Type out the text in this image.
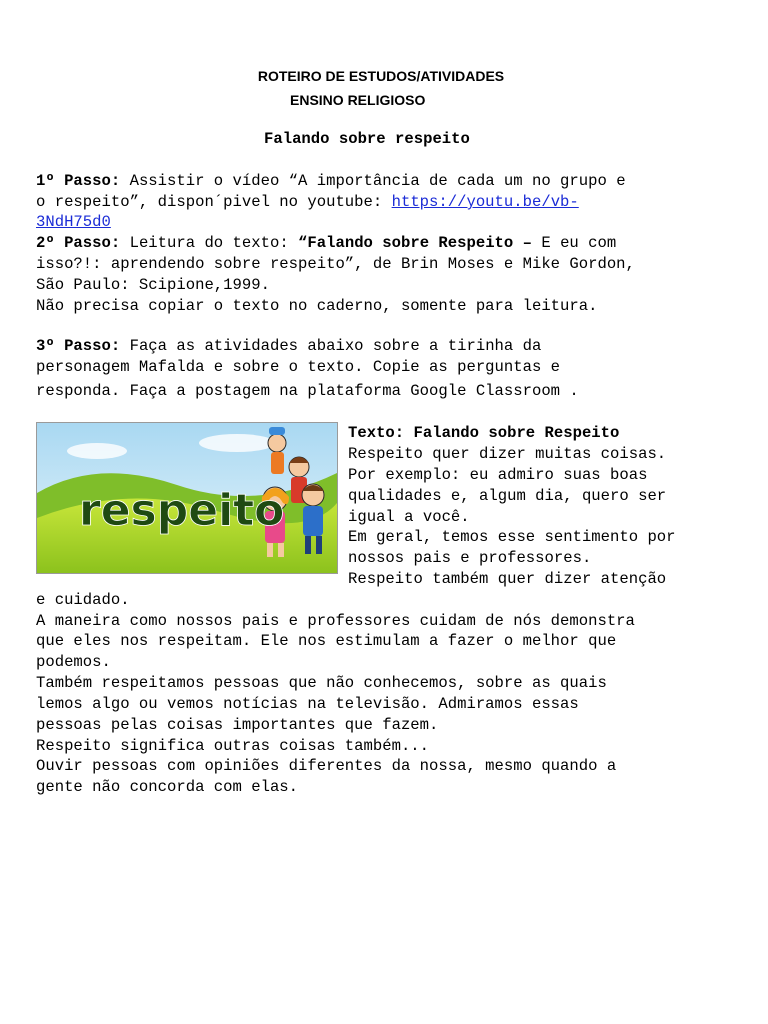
ROTEIRO DE ESTUDOS/ATIVIDADES
ENSINO RELIGIOSO
Falando sobre respeito
1º Passo: Assistir o vídeo “A importância de cada um no grupo e
o respeito”, dispon´pivel no youtube: https://youtu.be/vb-
3NdH75d0
2º Passo: Leitura do texto: “Falando sobre Respeito – E eu com
isso?!: aprendendo sobre respeito”, de Brin Moses e Mike Gordon,
São Paulo: Scipione,1999.
Não precisa copiar o texto no caderno, somente para leitura.
3º Passo: Faça as atividades abaixo sobre a tirinha da
personagem Mafalda e sobre o texto. Copie as perguntas e
responda. Faça a postagem na plataforma Google Classroom .
respeito
Texto: Falando sobre Respeito
Respeito quer dizer muitas coisas.
Por exemplo: eu admiro suas boas
qualidades e, algum dia, quero ser
igual a você.
Em geral, temos esse sentimento por
nossos pais e professores.
Respeito também quer dizer atenção
e cuidado.
A maneira como nossos pais e professores cuidam de nós demonstra
que eles nos respeitam. Ele nos estimulam a fazer o melhor que
podemos.
Também respeitamos pessoas que não conhecemos, sobre as quais
lemos algo ou vemos notícias na televisão. Admiramos essas
pessoas pelas coisas importantes que fazem.
Respeito significa outras coisas também...
Ouvir pessoas com opiniões diferentes da nossa, mesmo quando a
gente não concorda com elas.
